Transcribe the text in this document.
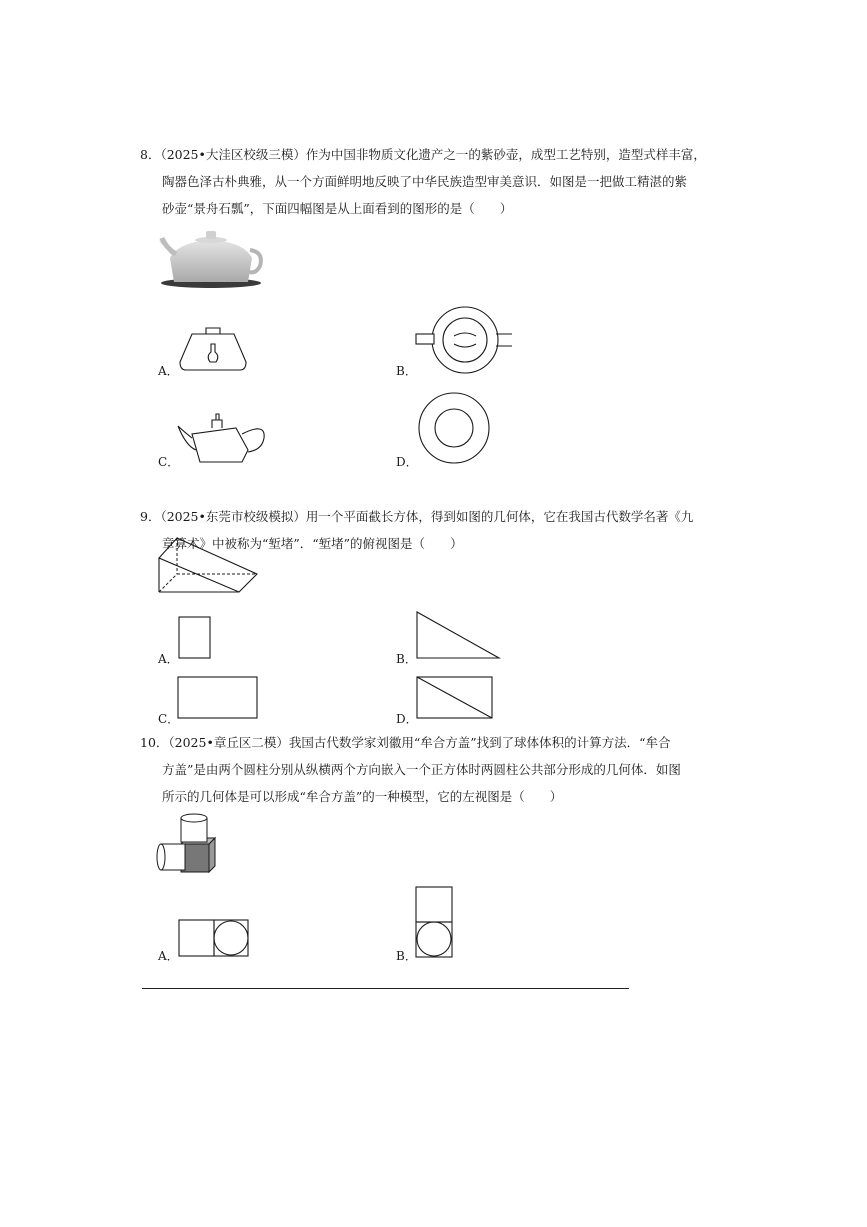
8．（2025•大洼区校级三模）作为中国非物质文化遗产之一的紫砂壶，成型工艺特别，造型式样丰富，
陶器色泽古朴典雅，从一个方面鲜明地反映了中华民族造型审美意识．如图是一把做工精湛的紫
砂壶“景舟石瓢”，下面四幅图是从上面看到的图形的是（　　）
A．	B．
C．	D．
9．（2025•东莞市校级模拟）用一个平面截长方体，得到如图的几何体，它在我国古代数学名著《九
章算术》中被称为“堑堵”．“堑堵”的俯视图是（　　）
A．	B．
C．	D．
10．（2025•章丘区二模）我国古代数学家刘徽用“牟合方盖”找到了球体体积的计算方法．“牟合
方盖”是由两个圆柱分别从纵横两个方向嵌入一个正方体时两圆柱公共部分形成的几何体．如图
所示的几何体是可以形成“牟合方盖”的一种模型，它的左视图是（　　）
A．	B．
